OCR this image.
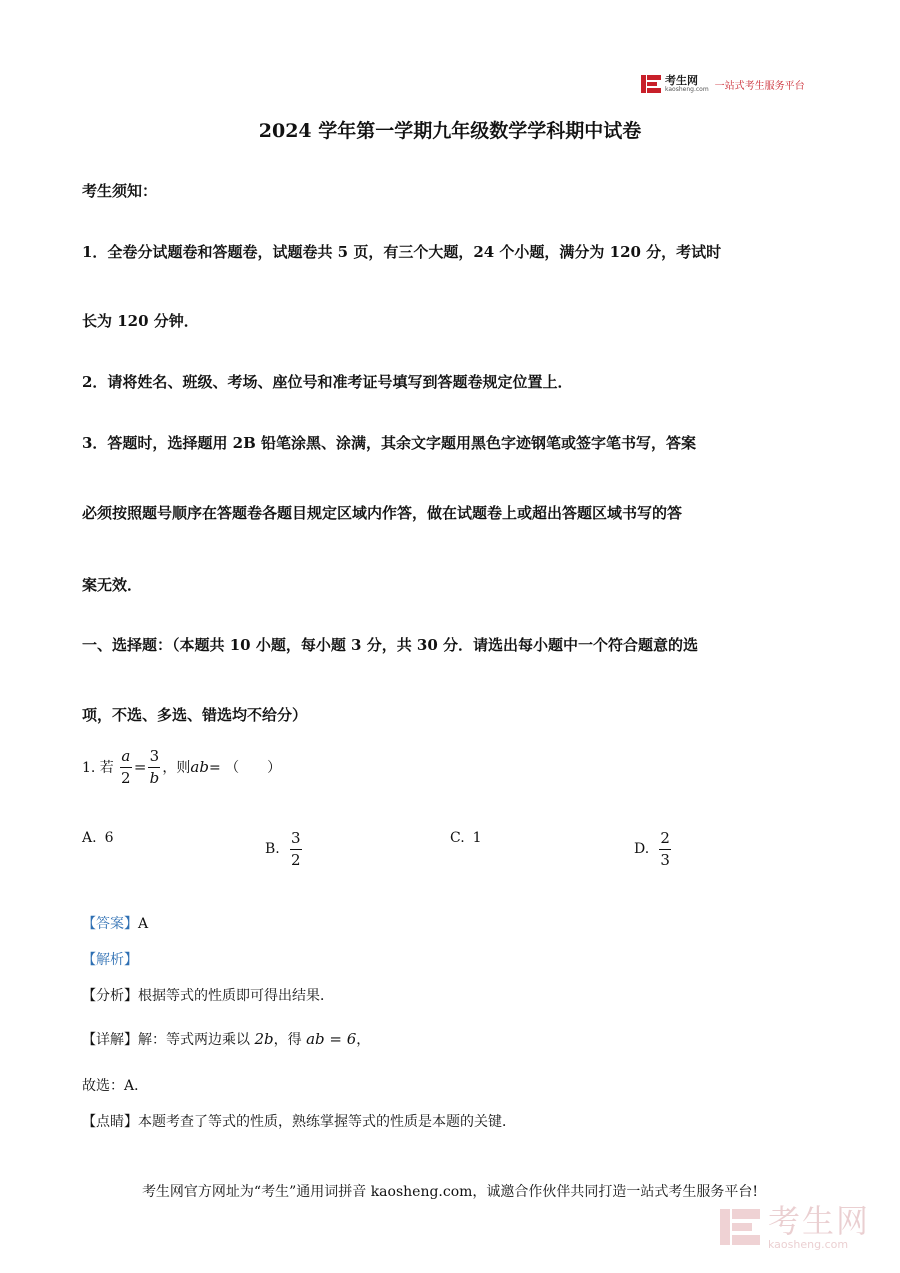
考生网
kaosheng.com 一站式考生服务平台
2024 学年第一学期九年级数学学科期中试卷
考生须知：
1．全卷分试题卷和答题卷，试题卷共 5 页，有三个大题，24 个小题，满分为 120 分，考试时
长为 120 分钟．
2．请将姓名、班级、考场、座位号和准考证号填写到答题卷规定位置上．
3．答题时，选择题用 2B 铅笔涂黑、涂满，其余文字题用黑色字迹钢笔或签字笔书写，答案
必须按照题号顺序在答题卷各题目规定区域内作答，做在试题卷上或超出答题区域书写的答
案无效．
一、选择题：（本题共 10 小题，每小题 3 分，共 30 分．请选出每小题中一个符合题意的选
项，不选、多选、错选均不给分）
1. 若 $\frac{a}{2} = \frac{3}{b}$ ，则 ab = （　　）
A. 6
B. $\frac{3}{2}$	C. 1
D. $\frac{2}{3}$
【答案】A
【解析】
【分析】根据等式的性质即可得出结果．
【详解】解：等式两边乘以 2b，得 ab = 6，
故选：A．
【点睛】本题考查了等式的性质，熟练掌握等式的性质是本题的关键．
考生网官方网址为“考生”通用词拼音 kaosheng.com，诚邀合作伙伴共同打造一站式考生服务平台!
考生网
kaosheng.com
